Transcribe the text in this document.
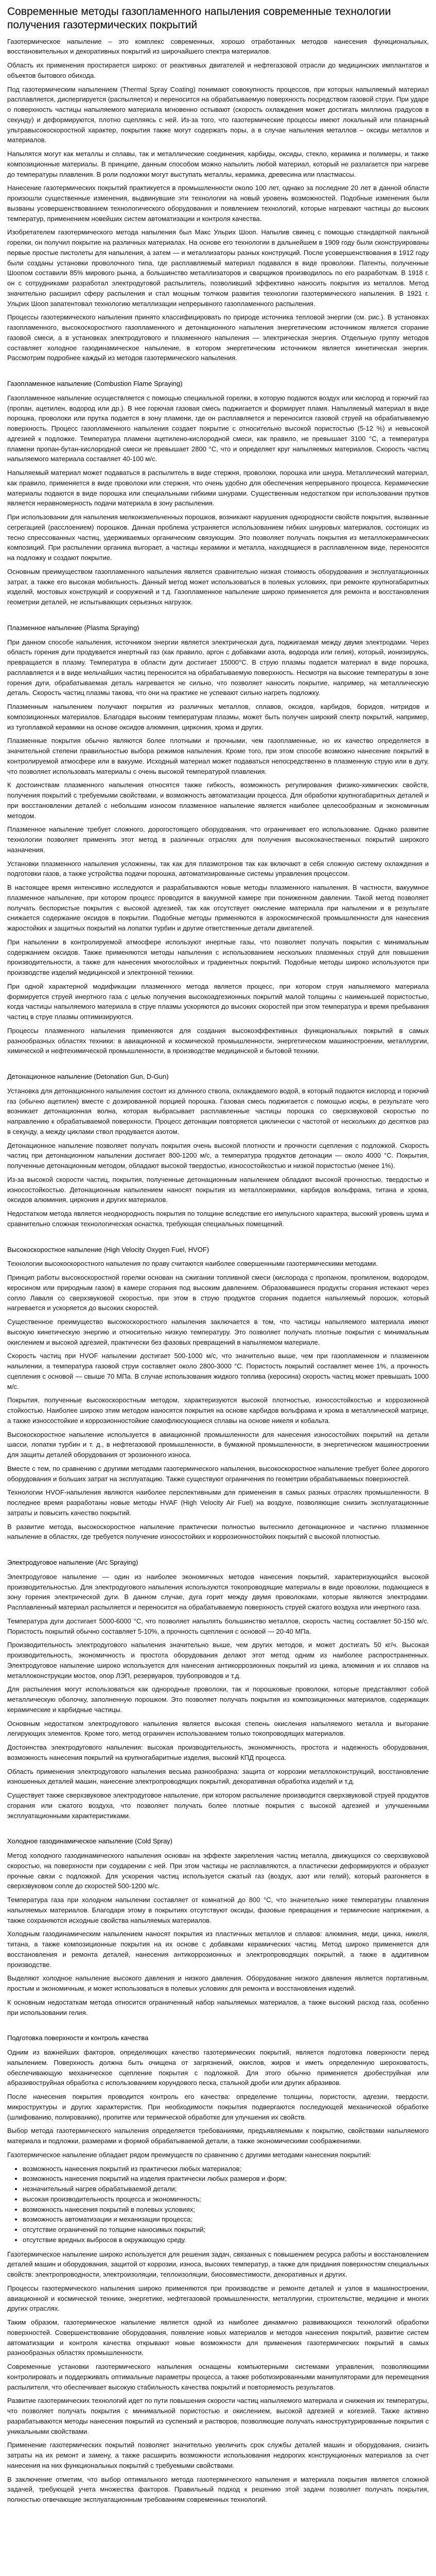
Современные методы газопламенного напыления современные технологии получения газотермических покрытий

Газотермическое напыление – это комплекс современных, хорошо отработанных методов нанесения функциональных, восстановительных и декоративных покрытий из широчайшего спектра материалов.

Область их применения простирается широко: от реактивных двигателей и нефтегазовой отрасли до медицинских имплантатов и объектов бытового обихода.

Под газотермическим напылением (Thermal Spray Coating) понимают совокупность процессов, при которых напыляемый материал расплавляется, диспергируется (распыляется) и переносится на обрабатываемую поверхность посредством газовой струи. При ударе о поверхность частицы напыляемого материала мгновенно остывают (скорость охлаждения может достигать миллиона градусов в секунду) и деформируются, плотно сцепляясь с ней. Из-за того, что газотермические процессы имеют локальный или планарный ультравысокоскоростной характер, покрытия также могут содержать поры, а в случае напыления металлов – оксиды металлов и материалов.

Напылятся могут как металлы и сплавы, так и металлические соединения, карбиды, оксиды, стекло, керамика и полимеры, и также композиционные материалы. В принципе, данным способом можно напылить любой материал, который не разлагается при нагреве до температуры плавления. В роли подложки могут выступать металлы, керамика, древесина или пластмассы.

Нанесение газотермических покрытий практикуется в промышленности около 100 лет, однако за последние 20 лет в данной области произошли существенные изменения, выдвинувшие эти технологии на новый уровень возможностей. Подобные изменения были вызваны усовершенствованием технологического оборудования и появлением технологий, которые нагревают частицы до высоких температур, применением новейших систем автоматизации и контроля качества.

Изобретателем газотермического метода напыления был Макс Ульрих Шооп. Напылив свинец с помощью стандартной паяльной горелки, он получил покрытие на различных материалах. На основе его технологии в дальнейшем в 1909 году были сконструированы первые простые пистолеты для напыления, а затем — и металлизаторы разных конструкций. После усовершенствования в 1912 году были созданы установки проволочного типа, где расплавляемый материал подавался в виде проволоки. Патенты, полученные Шоопом составили 85% мирового рынка, а большинство металлизаторов и сварщиков производилось по его разработкам. В 1918 г. он с сотрудниками разработал электродуговой распылитель, позволивший эффективно наносить покрытия из металлов. Метод значительно расширил сферу распыления и стал мощным толчком развития технологии газотермического напыления. В 1921 г. Ульрих Шооп запатентовал технологию металлизации непрерывного газопламенного распыления.

Процессы газотермического напыления принято классифицировать по природе источника тепловой энергии (см. рис.). В установках газопламенного, высокоскоростного газопламенного и детонационного напыления энергетическим источником является сгорание газовой смеси, а в установках электродугового и плазменного напыления — электрическая энергия. Отдельную группу методов составляет холодное газодинамическое напыление, в котором энергетическим источником является кинетическая энергия. Рассмотрим подробнее каждый из методов газотермического напыления.

Газопламенное напыление (Combustion Flame Spraying)

Газопламенное напыление осуществляется с помощью специальной горелки, в которую подаются воздух или кислород и горючий газ (пропан, ацетилен, водород или др.). В нее горючая газовая смесь поджигается и формирует пламя. Напыляемый материал в виде порошка, проволоки или прутка подается в зону пламени, где он расплавляется и переносится газовой струей на обрабатываемую поверхность. Процесс газопламенного напыления создает покрытие с относительно высокой пористостью (5-12 %) и невысокой адгезией к подложке. Температура пламени ацетилено-кислородной смеси, как правило, не превышает 3100 °С, а температура пламени пропан-бутан-кислородной смеси не превышает 2800 °С, что и определяет круг напыляемых материалов. Скорость частиц напыляемого материала составляет 40-100 м/с.

Напыляемый материал может подаваться в распылитель в виде стержня, проволоки, порошка или шнура. Металлический материал, как правило, применяется в виде проволоки или стержня, что очень удобно для обеспечения непрерывного процесса. Керамические материалы подаются в виде порошка или специальными гибкими шнурами. Существенным недостатком при использовании прутков является неравномерность подачи материала в зону распыления.

При использовании для напыления мелкоизмельченных порошков, возникают нарушения однородности свойств покрытия, вызванные сегрегацией (расслоением) порошков. Данная проблема устраняется использованием гибких шнуровых материалов, состоящих из тесно спрессованных частиц, удерживаемых органическим связующим. Это позволяет получать покрытия из металлокерамических композиций. При распылении органика выгорает, а частицы керамики и металла, находящиеся в расплавленном виде, переносятся на подложку и создают покрытие.

Основным преимуществом газопламенного напыления является сравнительно низкая стоимость оборудования и эксплуатационных затрат, а также его высокая мобильность. Данный метод может использоваться в полевых условиях, при ремонте крупногабаритных изделий, мостовых конструкций и сооружений и т.д. Газопламенное напыление широко применяется для ремонта и восстановления геометрии деталей, не испытывающих серьезных нагрузок.

Плазменное напыление (Plasma Spraying)

При данном способе напыления, источником энергии является электрическая дуга, поджигаемая между двумя электродами. Через область горения дуги продувается инертный газ (как правило, аргон с добавками азота, водорода или гелия), который, ионизируясь, превращается в плазму. Температура в области дуги достигает 15000°C. В струю плазмы подается материал в виде порошка, расплавляется и в виде мельчайших частиц переносится на обрабатываемую поверхность. Несмотря на высокие температуры в зоне горения дуги, обрабатываемая деталь нагревается не сильно, что позволяет наносить покрытие, например, на металлическую деталь. Скорость частиц плазмы такова, что они на практике не успевают сильно нагреть подложку.

Плазменным напылением получают покрытия из различных металлов, сплавов, оксидов, карбидов, боридов, нитридов и композиционных материалов. Благодаря высоким температурам плазмы, может быть получен широкий спектр покрытий, например, из тугоплавкой керамики на основе оксидов алюминия, циркония, хрома и других.

Плазменные покрытия обычно являются более плотными и прочными, чем газопламенные, но их качество определяется в значительной степени правильностью выбора режимов напыления. Кроме того, при этом способе возможно нанесение покрытий в контролируемой атмосфере или в вакууме. Исходный материал может подаваться непосредственно в плазменную струю или в дугу, что позволяет использовать материалы с очень высокой температурой плавления.

К достоинствам плазменного напыления относятся также гибкость, возможность регулирования физико-химических свойств, получения покрытий с требуемыми свойствами, и возможность автоматизации процесса. Для обработки крупногабаритных деталей и при восстановлении деталей с небольшим износом плазменное напыление является наиболее целесообразным и экономичным методом.

Плазменное напыление требует сложного, дорогостоящего оборудования, что ограничивает его использование. Однако развитие технологии позволяет применять этот метод в различных отраслях для получения высококачественных покрытий широкого назначения.

Установки плазменного напыления усложнены, так как для плазмотронов так как включают в себя сложную систему охлаждения и подготовки газов, а также устройства подачи порошка, автоматизированные системы управления процессом.

В настоящее время интенсивно исследуются и разрабатываются новые методы плазменного напыления. В частности, вакуумное плазменное напыление, при котором процесс проводится в вакуумной камере при пониженном давлении. Такой метод позволяет получать беспористые покрытия с высокой адгезией, так как отсутствует окисление материала при напылении и в результате снижается содержание оксидов в покрытии. Подобные методы применяются в аэрокосмической промышленности для нанесения жаростойких и защитных покрытий на лопатки турбин и другие ответственные детали двигателей.

При напылении в контролируемой атмосфере используют инертные газы, что позволяет получать покрытия с минимальным содержанием оксидов. Также применяются методы напыления с использованием нескольких плазменных струй для повышения производительности, а также для нанесения многослойных и градиентных покрытий. Подобные методы широко используются при производстве изделий медицинской и электронной техники.

При одной характерной модификации плазменного метода является процесс, при котором струя напыляемого материала формируется струей инертного газа с целью получения высокоадгезионных покрытий малой толщины с наименьшей пористостью, когда частицы напыляемого материала в струе плазмы ускоряются до высоких скоростей при этом температура и время пребывания частиц в струе плазмы оптимизируются.

Процессы плазменного напыления применяются для создания высокоэффективных функциональных покрытий в самых разнообразных областях техники: в авиационной и космической промышленности, энергетическом машиностроении, металлургии, химической и нефтехимической промышленности, в производстве медицинской и бытовой техники.

Детонационное напыление (Detonation Gun, D-Gun)

Установка для детонационного напыления состоит из длинного ствола, охлаждаемого водой, в который подаются кислород и горючий газ (обычно ацетилен) вместе с дозированной порцией порошка. Газовая смесь поджигается с помощью искры, в результате чего возникает детонационная волна, которая выбрасывает расплавленные частицы порошка со сверхзвуковой скоростью по направлению к обрабатываемой поверхности. Процесс детонации повторяется циклически с частотой от нескольких до десятков раз в секунду, а между циклами ствол продувается азотом.

Детонационное напыление позволяет получать покрытия очень высокой плотности и прочности сцепления с подложкой. Скорость частиц при детонационном напылении достигает 800-1200 м/с, а температура продуктов детонации — около 4000 °С. Покрытия, полученные детонационным методом, обладают высокой твердостью, износостойкостью и низкой пористостью (менее 1%).

Из-за высокой скорости частиц, покрытия, полученные детонационным напылением обладают высокой прочностью, твердостью и износостойкостью. Детонационным напылением наносят покрытия из металлокерамики, карбидов вольфрама, титана и хрома, оксидов алюминия, циркония и других материалов.

Недостатком метода является неоднородность покрытия по толщине вследствие его импульсного характера, высокий уровень шума и сравнительно сложная технологическая оснастка, требующая специальных помещений.

Высокоскоростное напыление (High Velocity Oxygen Fuel, HVOF)

Технологии высокоскоростного напыления по праву считаются наиболее совершенными газотермическими методами.

Принцип работы высокоскоростной горелки основан на сжигании топливной смеси (кислорода с пропаном, пропиленом, водородом, керосином или природным газом) в камере сгорания под высоким давлением. Образовавшиеся продукты сгорания истекают через сопло Лаваля со сверхзвуковой скоростью, при этом в струю продуктов сгорания подается напыляемый порошок, который нагревается и ускоряется до высоких скоростей.

Существенное преимущество высокоскоростного напыления заключается в том, что частицы напыляемого материала имеют высокую кинетическую энергию и относительно низкую температуру. Это позволяет получать плотные покрытия с минимальным окислением и высокой адгезией, практически без фазовых превращений в напыляемом материале.

Скорость частиц при HVOF напылении достигает 500-1000 м/с, что значительно выше, чем при газопламенном и плазменном напылении, а температура газовой струи составляет около 2800-3000 °С. Пористость покрытий составляет менее 1%, а прочность сцепления с основой — свыше 70 МПа. В случае использования жидкого топлива (керосина) скорость частиц может превышать 1000 м/с.

Покрытия, полученные высокоскоростным методом, характеризуются высокой плотностью, износостойкостью и коррозионной стойкостью. Наиболее широко этим методом наносятся покрытия на основе карбидов вольфрама и хрома в металлической матрице, а также износостойкие и коррозионностойкие самофлюсующиеся сплавы на основе никеля и кобальта.

Высокоскоростное напыление используется в авиационной промышленности для нанесения износостойких покрытий на детали шасси, лопатки турбин и т. д., в нефтегазовой промышленности, в бумажной промышленности, в энергетическом машиностроении для защиты деталей оборудования от эрозионного износа.

Вместе с тем, по сравнению с другими методами газотермического напыления, высокоскоростное напыление требует более дорогого оборудования и больших затрат на эксплуатацию. Также существуют ограничения по геометрии обрабатываемых поверхностей.

Технологии HVOF-напыления являются наиболее перспективными для применения в самых разных отраслях промышленности. В последнее время разработаны новые методы HVAF (High Velocity Air Fuel) на воздухе, позволяющие снизить эксплуатационные затраты и повысить качество покрытий.

В развитие метода, высокоскоростное напыление практически полностью вытеснило детонационное и частично плазменное напыление в областях, где требуется получение износостойких и коррозионностойких покрытий с высокой плотностью.

Электродуговое напыление (Arc Spraying)

Электродуговое напыление — один из наиболее экономичных методов нанесения покрытий, характеризующийся высокой производительностью. Для электродугового напыления используются токопроводящие материалы в виде проволоки, подающиеся в зону горения электрической дуги. В данном случае, дуга горит между двумя проволоками, которые являются электродами. Расплавленный материал распыляется и переносится на обрабатываемую поверхность струей сжатого воздуха или инертного газа.

Температура дуги достигает 5000-6000 °С, что позволяет напылять большинство металлов, скорость частиц составляет 50-150 м/с. Пористость покрытий обычно составляет 5-10%, а прочность сцепления с основой — 20-40 МПа.

Производительность электродугового напыления значительно выше, чем других методов, и может достигать 50 кг/ч. Высокая производительность, экономичность и простота оборудования делают этот метод одним из наиболее распространенных. Электродуговое напыление широко используется для нанесения антикоррозионных покрытий из цинка, алюминия и их сплавов на металлоконструкции мостов, опор ЛЭП, резервуаров, трубопроводов и т.д.

Для распыления могут использоваться как однородные проволоки, так и порошковые проволоки, которые представляют собой металлическую оболочку, заполненную порошком. Это позволяет получать покрытия из композиционных материалов, содержащих керамические и карбидные частицы.

Основным недостатком электродугового напыления является высокая степень окисления напыляемого металла и выгорание легирующих элементов. Кроме того, метод ограничен использованием только токопроводящих материалов.

Достоинства электродугового напыления: высокая производительность, экономичность, простота и надежность оборудования, возможность нанесения покрытий на крупногабаритные изделия, высокий КПД процесса.

Область применения электродугового напыления весьма разнообразна: защита от коррозии металлоконструкций, восстановление изношенных деталей машин, нанесение электропроводящих покрытий, декоративная обработка изделий и т.д.

Существует также сверхзвуковое электродуговое напыление, при котором распыление производится сверхзвуковой струей продуктов сгорания или сжатого воздуха, что позволяет получать более плотные покрытия с высокой адгезией и улучшенными эксплуатационными характеристиками.

Холодное газодинамическое напыление (Cold Spray)

Метод холодного газодинамического напыления основан на эффекте закрепления частиц металла, движущихся со сверхзвуковой скоростью, на поверхности при соударении с ней. При этом частицы не расплавляются, а пластически деформируются и образуют прочные связи с подложкой. Для ускорения частиц используется сжатый газ (воздух, азот или гелий), который разгоняется в сверхзвуковом сопле до скоростей 500-1200 м/с.

Температура газа при холодном напылении составляет от комнатной до 800 °С, что значительно ниже температуры плавления напыляемых материалов. Благодаря этому в покрытиях отсутствуют оксиды, фазовые превращения и термические напряжения, а также сохраняются исходные свойства напыляемых материалов.

Холодным газодинамическим напылением наносят покрытия из пластичных металлов и сплавов: алюминия, меди, цинка, никеля, титана, а также композиционные покрытия на их основе с добавками керамических частиц. Метод широко применяется для восстановления и ремонта деталей, нанесения антикоррозионных и электропроводящих покрытий, а также в аддитивном производстве.

Выделяют холодное напыление высокого давления и низкого давления. Оборудование низкого давления является портативным, простым и экономичным, и может использоваться в полевых условиях для ремонта и восстановления изделий.

К основным недостаткам метода относится ограниченный набор напыляемых материалов, а также высокий расход газа, особенно при использовании гелия.

Подготовка поверхности и контроль качества

Одним из важнейших факторов, определяющих качество газотермических покрытий, является подготовка поверхности перед напылением. Поверхность должна быть очищена от загрязнений, окислов, жиров и иметь определенную шероховатость, обеспечивающую механическое сцепление покрытия с подложкой. Для этого обычно применяется дробеструйная или абразивоструйная обработка с использованием корундового песка, стальной дроби или других абразивов.

После нанесения покрытия проводится контроль его качества: определение толщины, пористости, адгезии, твердости, микроструктуры и других характеристик. При необходимости покрытия подвергаются последующей механической обработке (шлифованию, полированию), пропитке или термической обработке для улучшения их свойств.

Выбор метода газотермического напыления определяется требованиями, предъявляемыми к покрытию, свойствами напыляемого материала и подложки, размерами и формой обрабатываемой детали, а также экономическими соображениями.

Газотермическое напыление обладает рядом преимуществ по сравнению с другими методами нанесения покрытий:

• возможность нанесения покрытий из практически любых материалов;
• возможность нанесения покрытий на изделия практически любых размеров и форм;
• незначительный нагрев обрабатываемой детали;
• высокая производительность процесса и экономичность;
• возможность нанесения покрытий в полевых условиях;
• возможность автоматизации и механизации процесса;
• отсутствие ограничений по толщине наносимых покрытий;
• отсутствие вредных выбросов в окружающую среду.

Газотермическое напыление широко используется для решения задач, связанных с повышением ресурса работы и восстановлением деталей машин и оборудования, защитой от коррозии, износа, высоких температур, а также для придания поверхностям специальных свойств: электропроводности, электроизоляции, теплоизоляции, биосовместимости, декоративных и других.

Процессы газотермического напыления широко применяются при производстве и ремонте деталей и узлов в машиностроении, авиационной и космической технике, энергетике, нефтегазовой промышленности, металлургии, строительстве, медицине и многих других отраслях.

Таким образом, газотермическое напыление является одной из наиболее динамично развивающихся технологий обработки поверхностей. Совершенствование оборудования, появление новых материалов и методов нанесения покрытий, развитие систем автоматизации и контроля качества открывают новые возможности для применения газотермических покрытий в самых разнообразных областях промышленности.

Современные установки газотермического напыления оснащены компьютерными системами управления, позволяющими контролировать и поддерживать оптимальные параметры процесса, а также роботизированными манипуляторами для перемещения распылителя, что обеспечивает высокую стабильность качества покрытий и повторяемость результатов.

Развитие газотермических технологий идет по пути повышения скорости частиц напыляемого материала и снижения их температуры, что позволяет получать покрытия с минимальной пористостью и окислением, высокой адгезией и когезией. Также активно разрабатываются методы нанесения покрытий из суспензий и растворов, позволяющие получать наноструктурированные покрытия с уникальными свойствами.

Применение газотермических покрытий позволяет значительно увеличить срок службы деталей машин и оборудования, снизить затраты на их ремонт и замену, а также расширить возможности использования недорогих конструкционных материалов за счет нанесения на них функциональных покрытий с требуемыми свойствами.

В заключение отметим, что выбор оптимального метода газотермического напыления и материала покрытия является сложной задачей, требующей учета множества факторов. Правильный подход к решению этой задачи позволяет получать покрытия, полностью отвечающие эксплуатационным требованиям современных технологий.
